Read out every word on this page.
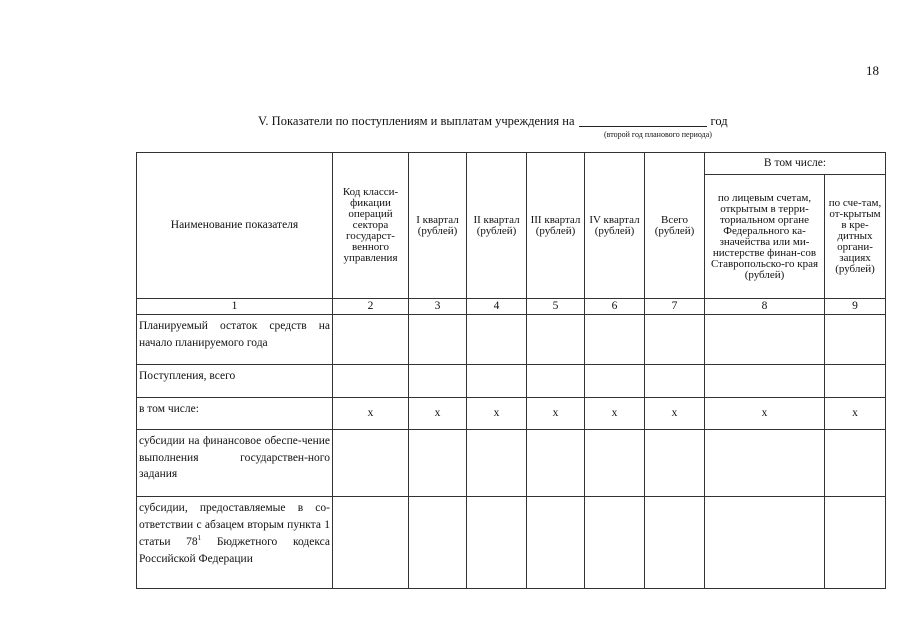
18
V. Показатели по поступлениям и выплатам учреждения на	год
(второй год планового периода)
Наименование показателя	Код класси-фикации операций сектора государст-венного управления	I квартал (рублей)	II квартал (рублей)	III квартал (рублей)	IV квартал (рублей)	Всего (рублей)	В том числе:	
							по лицевым счетам, открытым в терри-ториальном органе Федерального ка-значейства или ми-нистерстве финан-сов Ставропольско-го края (рублей)	по сче-там, от-крытым в кре-дитных органи-зациях (рублей)
1	2	3	4	5	6	7	8	9
Планируемый остаток средств на начало планируемого года								
Поступления, всего								
в том числе:	х	х	х	х	х	х	х	х
субсидии на финансовое обеспе-чение выполнения государствен-ного задания								
субсидии, предоставляемые в со-ответствии с абзацем вторым пункта 1 статьи $78^1$ Бюджетного кодекса Российской Федерации								
